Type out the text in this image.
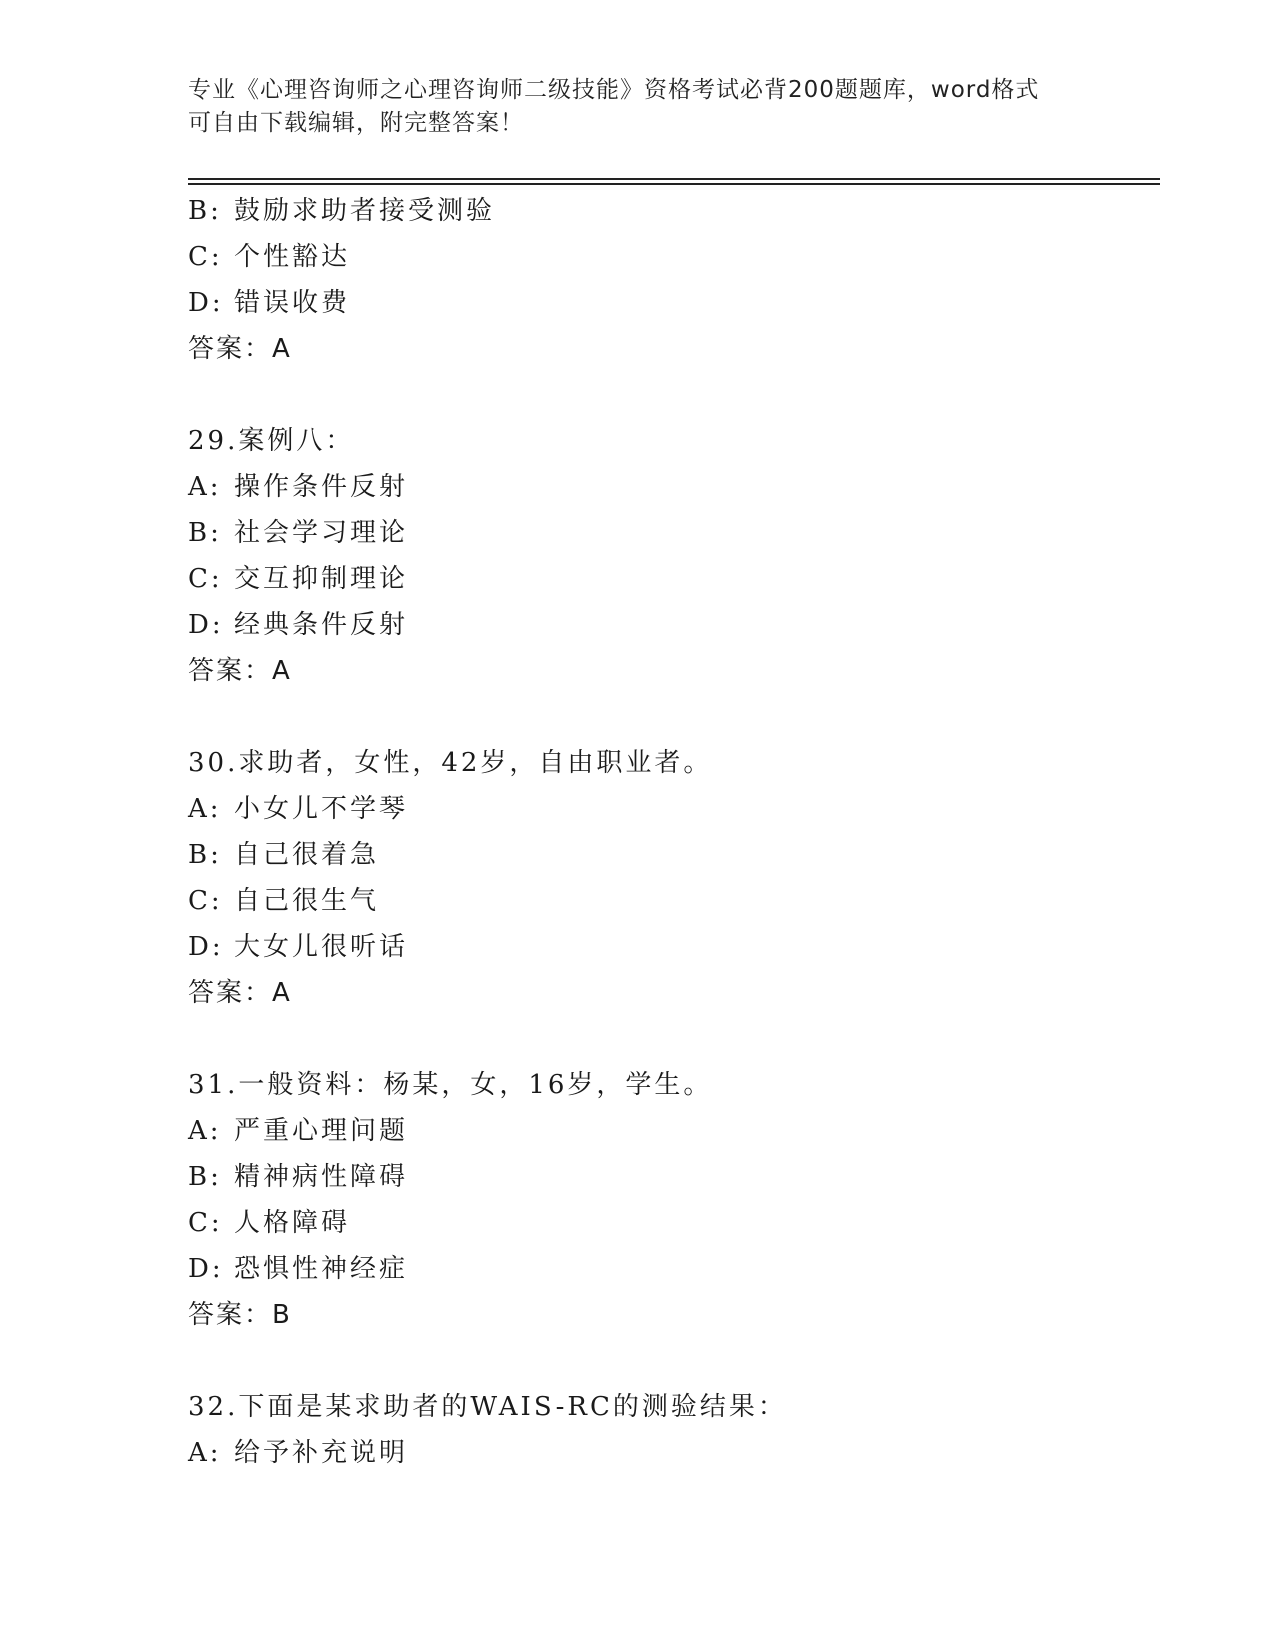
专业《心理咨询师之心理咨询师二级技能》资格考试必背200题题库，word格式
可自由下载编辑，附完整答案！
B: 鼓励求助者接受测验
C: 个性豁达
D: 错误收费
答案：A
29.案例八：
A: 操作条件反射
B: 社会学习理论
C: 交互抑制理论
D: 经典条件反射
答案：A
30.求助者，女性，42岁，自由职业者。
A: 小女儿不学琴
B: 自己很着急
C: 自己很生气
D: 大女儿很听话
答案：A
31.一般资料：杨某，女，16岁，学生。
A: 严重心理问题
B: 精神病性障碍
C: 人格障碍
D: 恐惧性神经症
答案：B
32.下面是某求助者的WAIS-RC的测验结果：
A: 给予补充说明
